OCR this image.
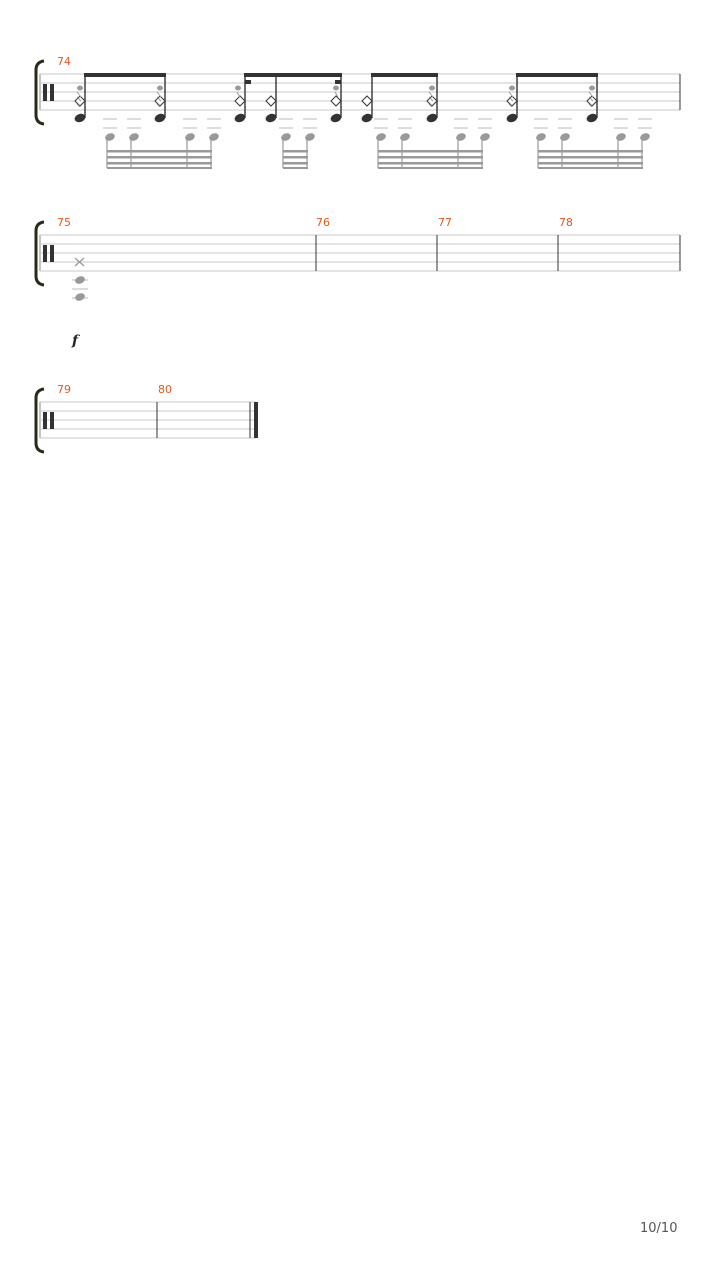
74
75	76	77	78
f
79	80
10/10
